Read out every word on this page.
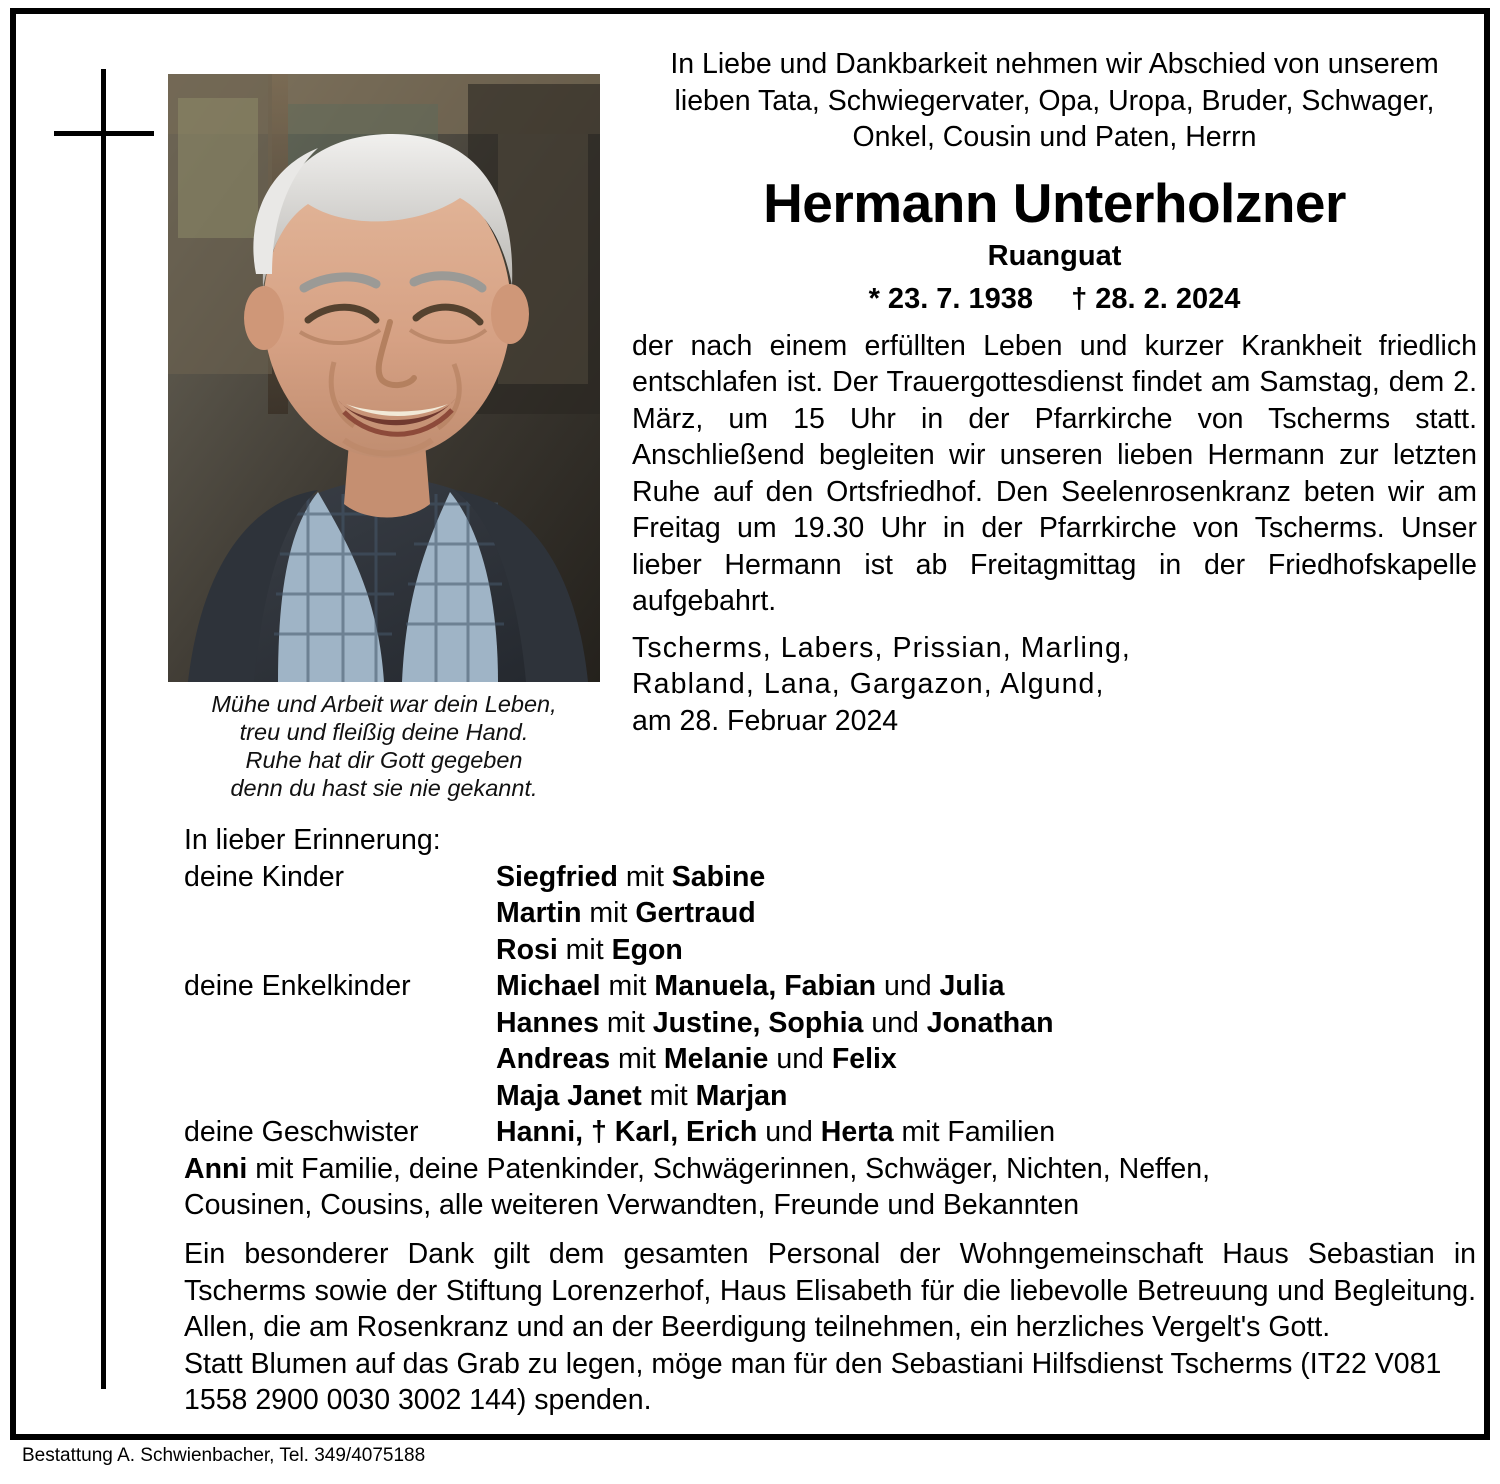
Mühe und Arbeit war dein Leben,
treu und fleißig deine Hand.
Ruhe hat dir Gott gegeben
denn du hast sie nie gekannt.
In Liebe und Dankbarkeit nehmen wir Abschied von unserem lieben Tata, Schwiegervater, Opa, Uropa, Bruder, Schwager, Onkel, Cousin und Paten, Herrn
Hermann Unterholzner
Ruanguat
* 23. 7. 1938 † 28. 2. 2024
der nach einem erfüllten Leben und kurzer Krankheit friedlich entschlafen ist. Der Trauergottesdienst findet am Samstag, dem 2. März, um 15 Uhr in der Pfarrkirche von Tscherms statt. Anschließend begleiten wir unseren lieben Hermann zur letzten Ruhe auf den Ortsfriedhof. Den Seelenrosenkranz beten wir am Freitag um 19.30 Uhr in der Pfarrkirche von Tscherms. Unser lieber Hermann ist ab Freitagmittag in der Friedhofskapelle aufgebahrt.
Tscherms, Labers, Prissian, Marling,
Rabland, Lana, Gargazon, Algund,
am 28. Februar 2024
In lieber Erinnerung:
deine Kinder	Siegfried mit Sabine
Martin mit Gertraud
Rosi mit Egon
deine Enkelkinder	Michael mit Manuela, Fabian und Julia
Hannes mit Justine, Sophia und Jonathan
Andreas mit Melanie und Felix
Maja Janet mit Marjan
deine Geschwister	Hanni, † Karl, Erich und Herta mit Familien
Anni mit Familie, deine Patenkinder, Schwägerinnen, Schwäger, Nichten, Neffen,
Cousinen, Cousins, alle weiteren Verwandten, Freunde und Bekannten

Ein besonderer Dank gilt dem gesamten Personal der Wohngemeinschaft Haus Sebastian in Tscherms sowie der Stiftung Lorenzerhof, Haus Elisabeth für die liebevolle Betreuung und Begleitung. Allen, die am Rosenkranz und an der Beerdigung teilnehmen, ein herzliches Vergelt's Gott.

Statt Blumen auf das Grab zu legen, möge man für den Sebastiani Hilfsdienst Tscherms (IT22 V081 1558 2900 0030 3002 144) spenden.

Bestattung A. Schwienbacher, Tel. 349/4075188
